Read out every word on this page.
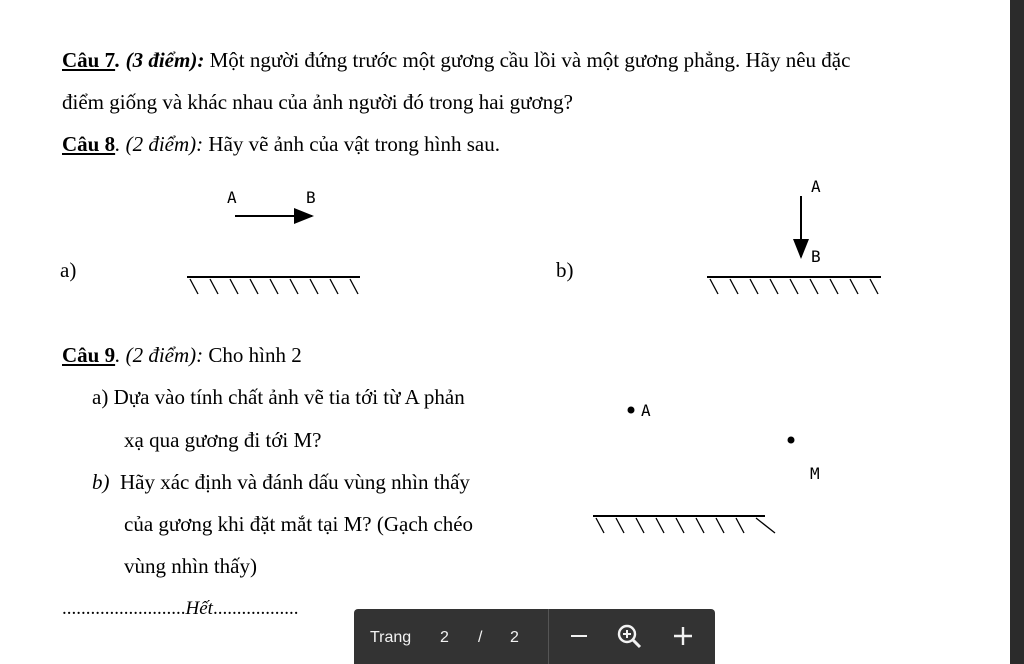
Câu 7. (3 điểm): Một người đứng trước một gương cầu lồi và một gương phẳng. Hãy nêu đặc
điểm giống và khác nhau của ảnh người đó trong hai gương?
Câu 8. (2 điểm): Hãy vẽ ảnh của vật trong hình sau.
A	B
a)
A
B
b)
Câu 9. (2 điểm): Cho hình 2
a) Dựa vào tính chất ảnh vẽ tia tới từ A phản
xạ qua gương đi tới M?
b) Hãy xác định và đánh dấu vùng nhìn thấy
của gương khi đặt mắt tại M? (Gạch chéo
vùng nhìn thấy)
A
M
..........................Hết..................
Trang 2 / 2
